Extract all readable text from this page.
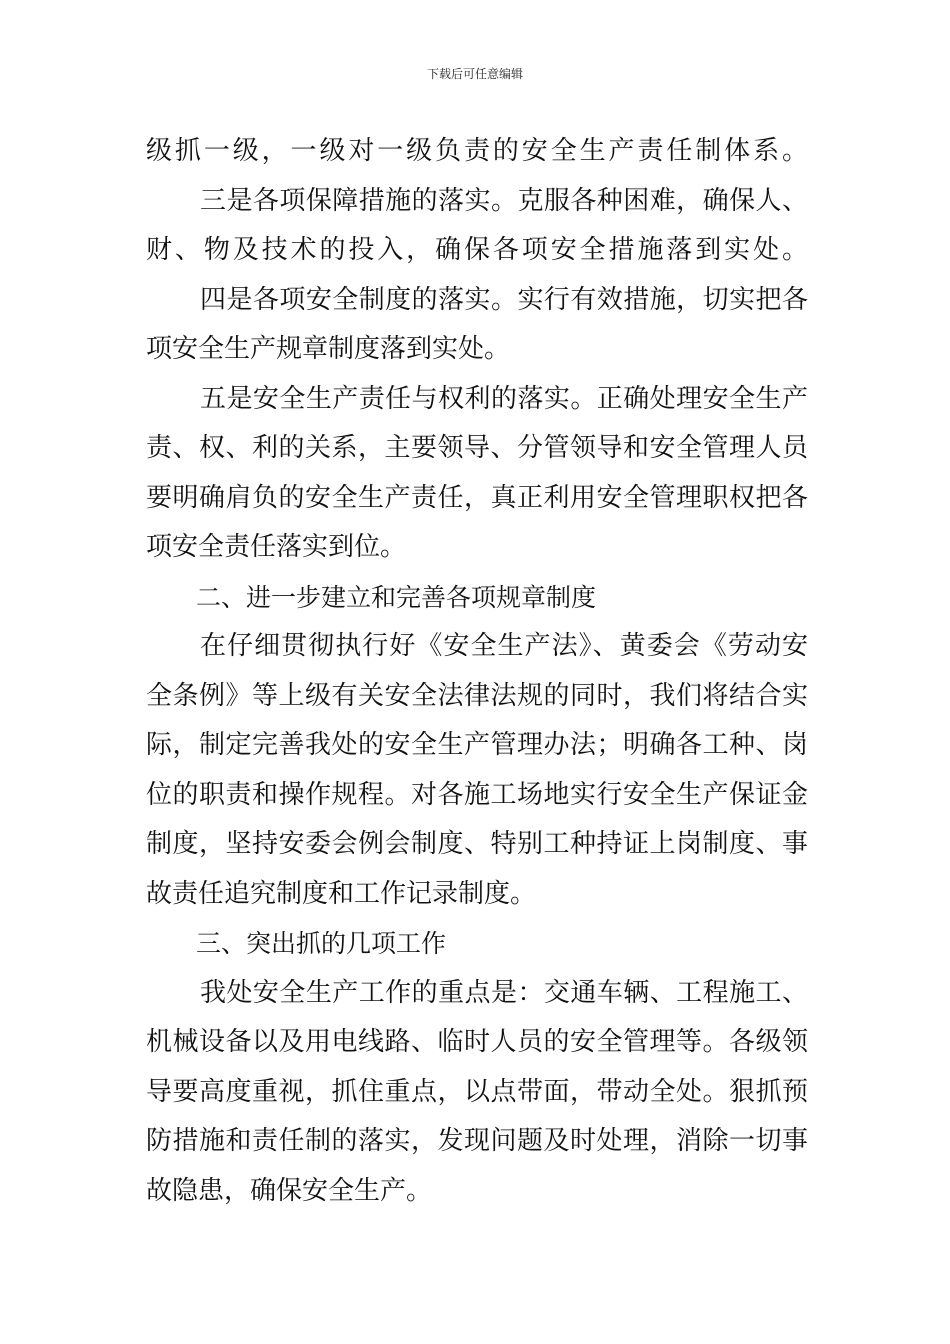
下载后可任意编辑
级抓一级，一级对一级负责的安全生产责任制体系。
三是各项保障措施的落实。克服各种困难，确保人、
财、物及技术的投入，确保各项安全措施落到实处。
四是各项安全制度的落实。实行有效措施，切实把各
项安全生产规章制度落到实处。
五是安全生产责任与权利的落实。正确处理安全生产
责、权、利的关系，主要领导、分管领导和安全管理人员
要明确肩负的安全生产责任，真正利用安全管理职权把各
项安全责任落实到位。
二、进一步建立和完善各项规章制度
在仔细贯彻执行好《安全生产法》、黄委会《劳动安
全条例》等上级有关安全法律法规的同时，我们将结合实
际，制定完善我处的安全生产管理办法；明确各工种、岗
位的职责和操作规程。对各施工场地实行安全生产保证金
制度，坚持安委会例会制度、特别工种持证上岗制度、事
故责任追究制度和工作记录制度。
三、突出抓的几项工作
我处安全生产工作的重点是：交通车辆、工程施工、
机械设备以及用电线路、临时人员的安全管理等。各级领
导要高度重视，抓住重点，以点带面，带动全处。狠抓预
防措施和责任制的落实，发现问题及时处理，消除一切事
故隐患，确保安全生产。
